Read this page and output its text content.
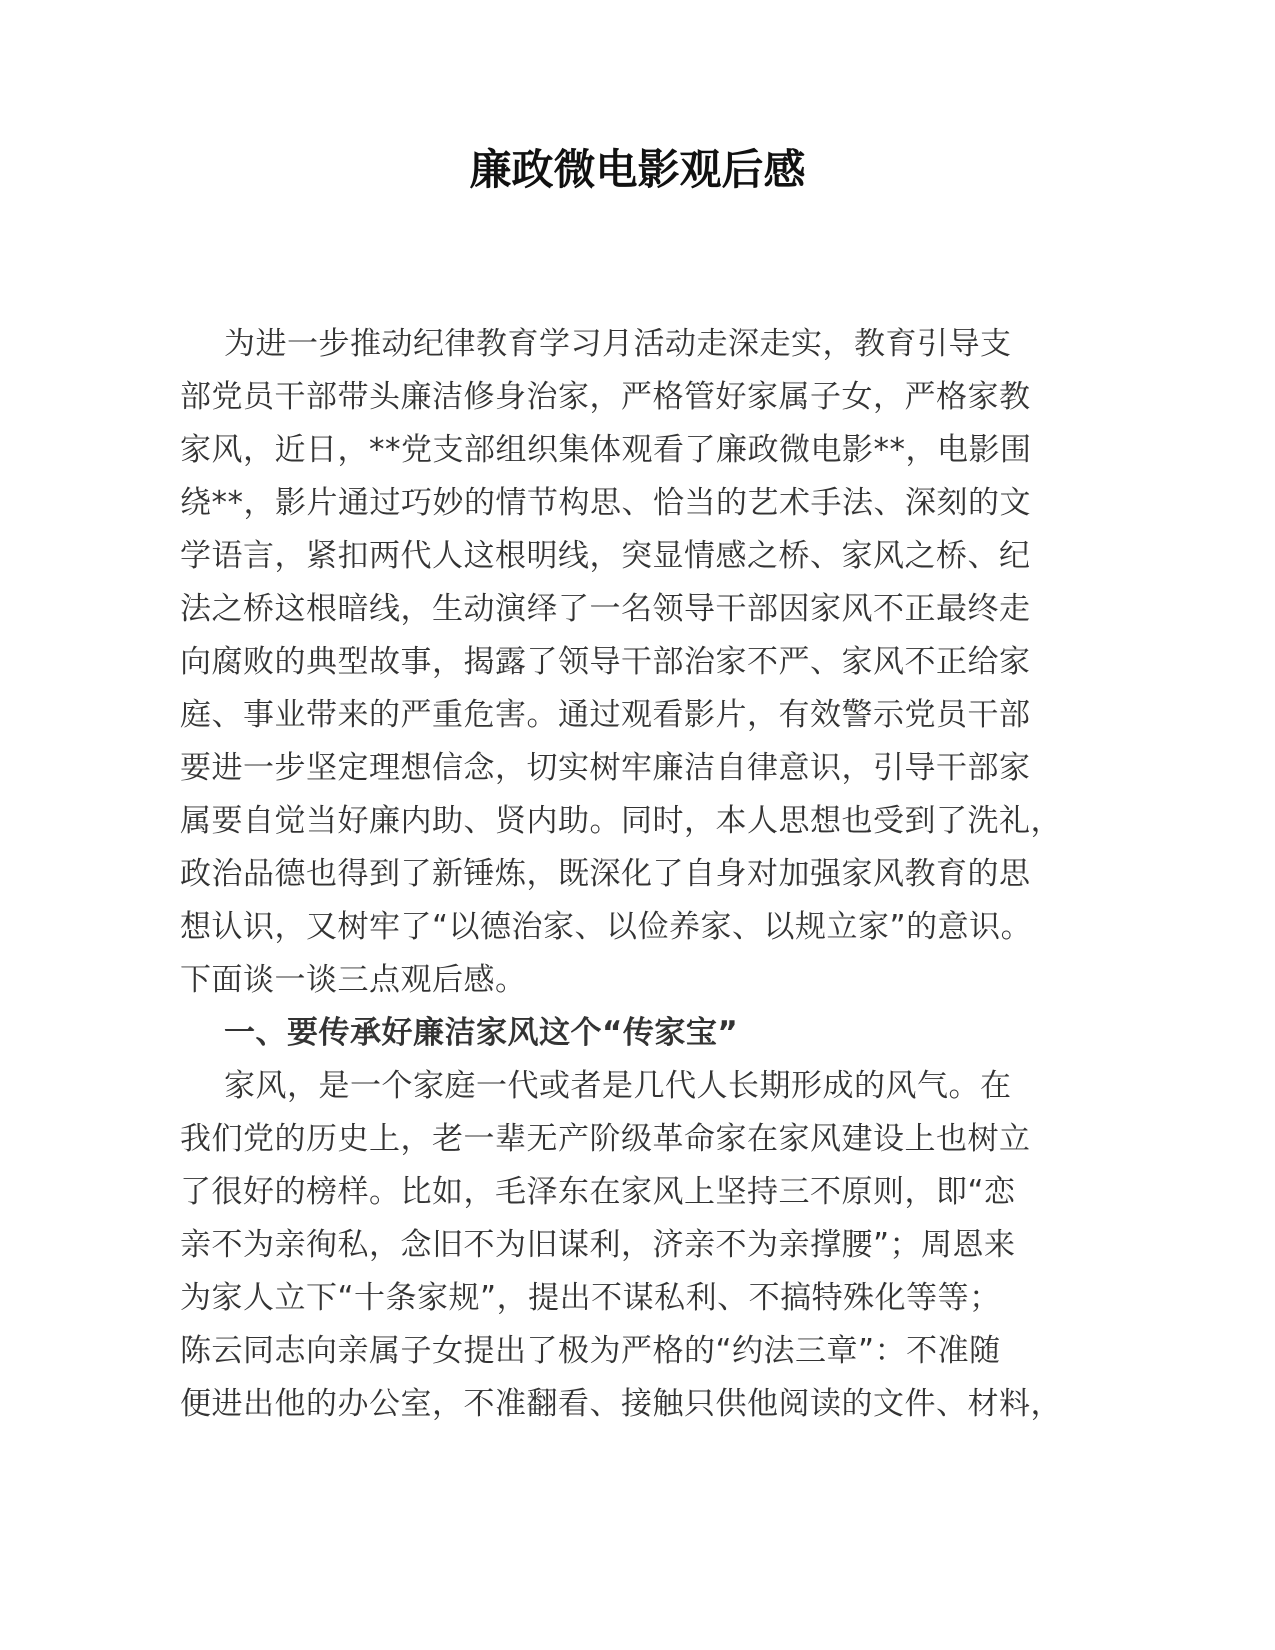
廉政微电影观后感
为进一步推动纪律教育学习月活动走深走实，教育引导支
部党员干部带头廉洁修身治家，严格管好家属子女，严格家教
家风，近日，**党支部组织集体观看了廉政微电影**，电影围
绕**，影片通过巧妙的情节构思、恰当的艺术手法、深刻的文
学语言，紧扣两代人这根明线，突显情感之桥、家风之桥、纪
法之桥这根暗线，生动演绎了一名领导干部因家风不正最终走
向腐败的典型故事，揭露了领导干部治家不严、家风不正给家
庭、事业带来的严重危害。通过观看影片，有效警示党员干部
要进一步坚定理想信念，切实树牢廉洁自律意识，引导干部家
属要自觉当好廉内助、贤内助。同时，本人思想也受到了洗礼，
政治品德也得到了新锤炼，既深化了自身对加强家风教育的思
想认识，又树牢了“以德治家、以俭养家、以规立家”的意识。
下面谈一谈三点观后感。
一、要传承好廉洁家风这个“传家宝”
家风，是一个家庭一代或者是几代人长期形成的风气。在
我们党的历史上，老一辈无产阶级革命家在家风建设上也树立
了很好的榜样。比如，毛泽东在家风上坚持三不原则，即“恋
亲不为亲徇私，念旧不为旧谋利，济亲不为亲撑腰”；周恩来
为家人立下“十条家规”，提出不谋私利、不搞特殊化等等；
陈云同志向亲属子女提出了极为严格的“约法三章”：不准随
便进出他的办公室，不准翻看、接触只供他阅读的文件、材料，
